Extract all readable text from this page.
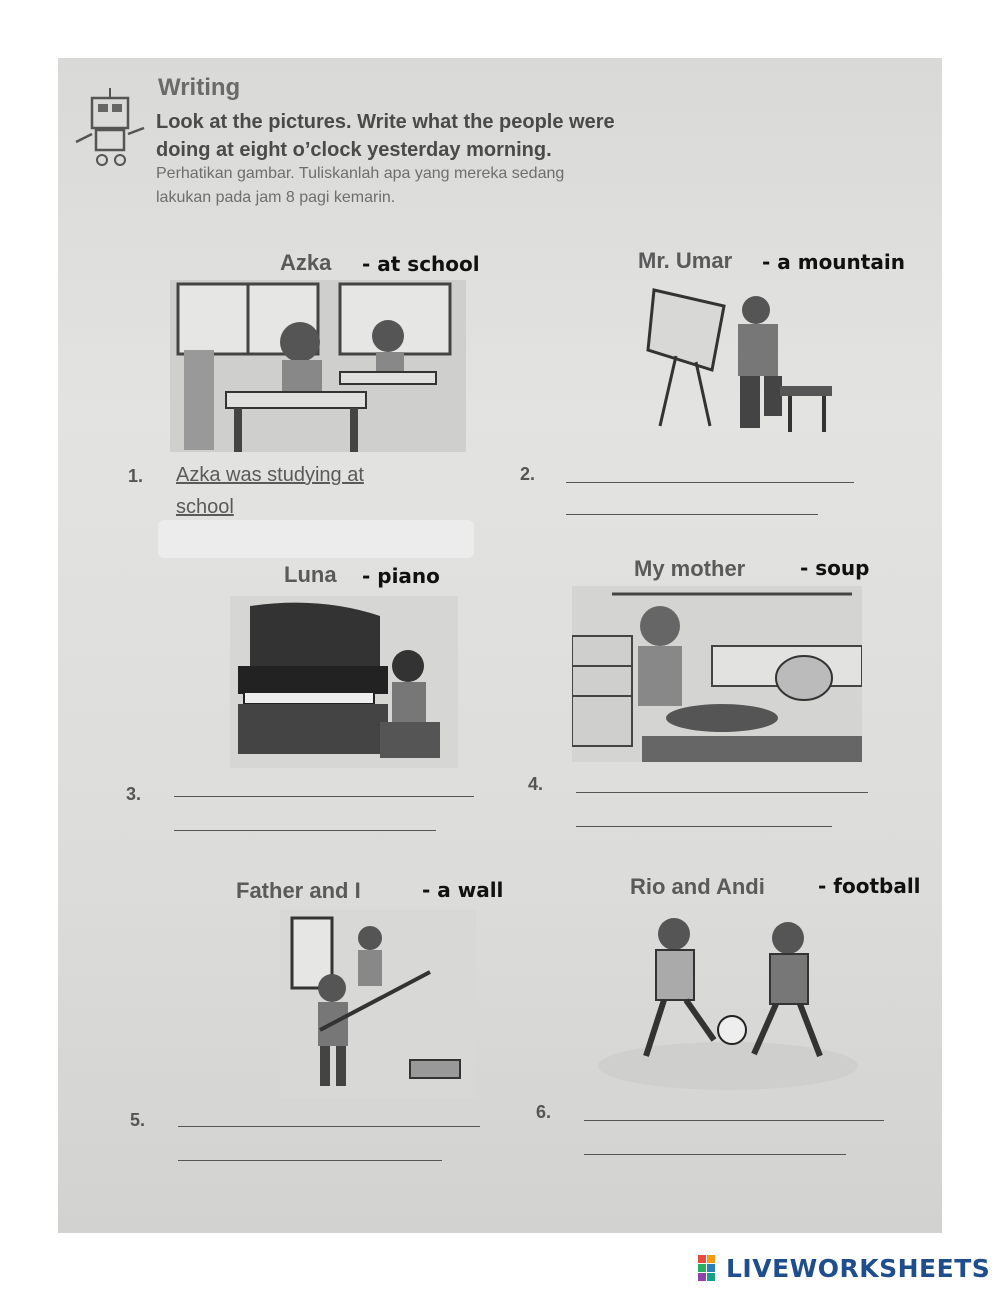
Writing
Look at the pictures. Write what the people were
doing at eight o’clock yesterday morning.
Perhatikan gambar. Tuliskanlah apa yang mereka sedang
lakukan pada jam 8 pagi kemarin.
Azka - at school
1. Azka was studying at
school
Mr. Umar - a mountain
2.
Luna - piano
3.
My mother	- soup
4.
Father and I	- a wall
5.
Rio and Andi	- football
6.
LIVEWORKSHEETS
